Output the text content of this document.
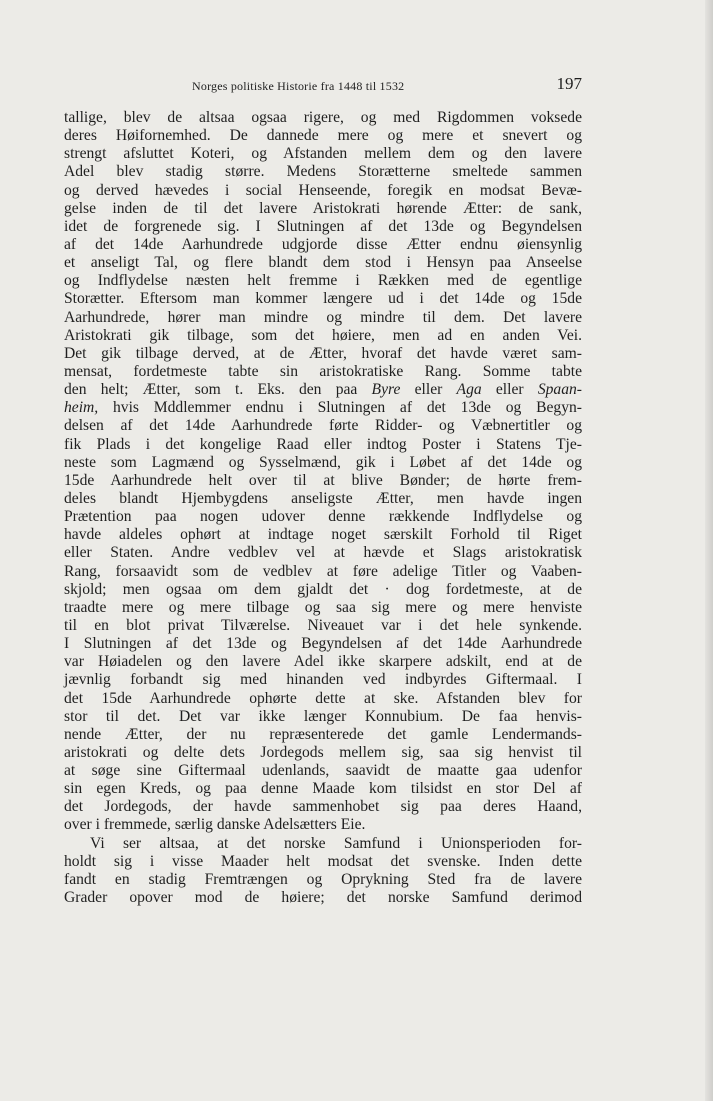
Norges politiske Historie fra 1448 til 1532	197
tallige, blev de altsaa ogsaa rigere, og med Rigdommen voksede
deres Høifornemhed. De dannede mere og mere et snevert og
strengt afsluttet Koteri, og Afstanden mellem dem og den lavere
Adel blev stadig større. Medens Storætterne smeltede sammen
og derved hævedes i social Henseende, foregik en modsat Bevæ-
gelse inden de til det lavere Aristokrati hørende Ætter: de sank,
idet de forgrenede sig. I Slutningen af det 13de og Begyndelsen
af det 14de Aarhundrede udgjorde disse Ætter endnu øiensynlig
et anseligt Tal, og flere blandt dem stod i Hensyn paa Anseelse
og Indflydelse næsten helt fremme i Rækken med de egentlige
Storætter. Eftersom man kommer længere ud i det 14de og 15de
Aarhundrede, hører man mindre og mindre til dem. Det lavere
Aristokrati gik tilbage, som det høiere, men ad en anden Vei.
Det gik tilbage derved, at de Ætter, hvoraf det havde været sam-
mensat, fordetmeste tabte sin aristokratiske Rang. Somme tabte
den helt; Ætter, som t. Eks. den paa Byre eller Aga eller Spaan-
heim, hvis Mddlemmer endnu i Slutningen af det 13de og Begyn-
delsen af det 14de Aarhundrede førte Ridder- og Væbnertitler og
fik Plads i det kongelige Raad eller indtog Poster i Statens Tje-
neste som Lagmænd og Sysselmænd, gik i Løbet af det 14de og
15de Aarhundrede helt over til at blive Bønder; de hørte frem-
deles blandt Hjembygdens anseligste Ætter, men havde ingen
Prætention paa nogen udover denne rækkende Indflydelse og
havde aldeles ophørt at indtage noget særskilt Forhold til Riget
eller Staten. Andre vedblev vel at hævde et Slags aristokratisk
Rang, forsaavidt som de vedblev at føre adelige Titler og Vaaben-
skjold; men ogsaa om dem gjaldt det · dog fordetmeste, at de
traadte mere og mere tilbage og saa sig mere og mere henviste
til en blot privat Tilværelse. Niveauet var i det hele synkende.
I Slutningen af det 13de og Begyndelsen af det 14de Aarhundrede
var Høiadelen og den lavere Adel ikke skarpere adskilt, end at de
jævnlig forbandt sig med hinanden ved indbyrdes Giftermaal. I
det 15de Aarhundrede ophørte dette at ske. Afstanden blev for
stor til det. Det var ikke længer Konnubium. De faa henvis-
nende Ætter, der nu repræsenterede det gamle Lendermands-
aristokrati og delte dets Jordegods mellem sig, saa sig henvist til
at søge sine Giftermaal udenlands, saavidt de maatte gaa udenfor
sin egen Kreds, og paa denne Maade kom tilsidst en stor Del af
det Jordegods, der havde sammenhobet sig paa deres Haand,
over i fremmede, særlig danske Adelsætters Eie.
Vi ser altsaa, at det norske Samfund i Unionsperioden for-
holdt sig i visse Maader helt modsat det svenske. Inden dette
fandt en stadig Fremtrængen og Oprykning Sted fra de lavere
Grader opover mod de høiere; det norske Samfund derimod
